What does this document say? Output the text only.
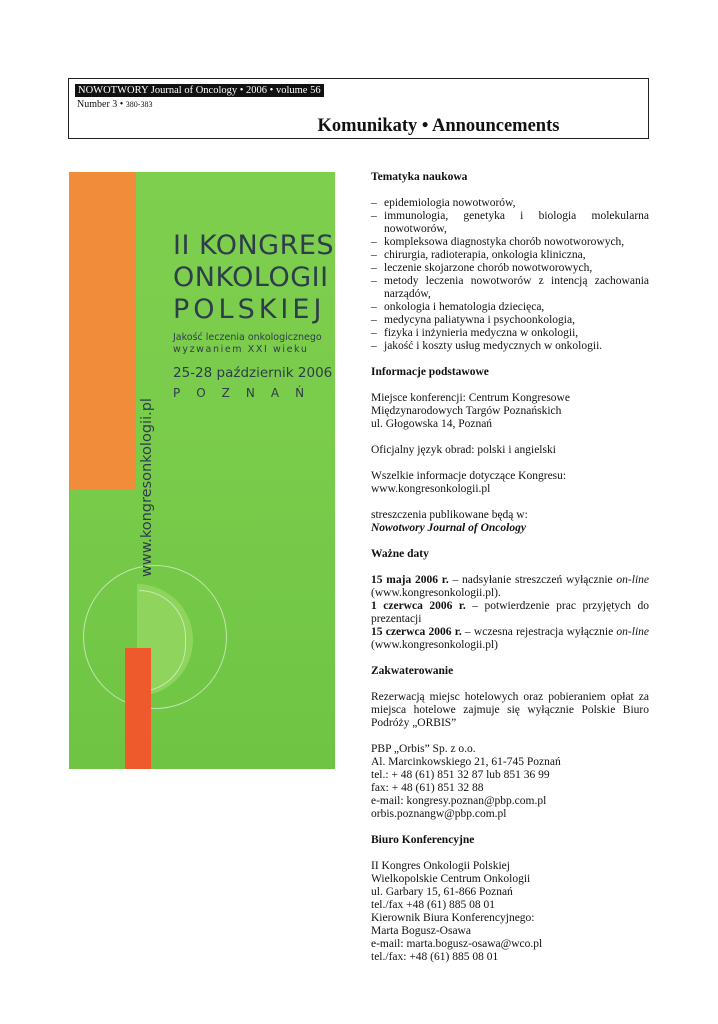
NOWOTWORY Journal of Oncology • 2006 • volume 56
Number 3 • 380-383
Komunikaty • Announcements
II KONGRES
ONKOLOGII
POLSKIEJ
Jakość leczenia onkologicznego
wyzwaniem XXI wieku
25-28 październik 2006
POZNAŃ
www.kongresonkologii.pl
Tematyka naukowa
– epidemiologia nowotworów,
– immunologia, genetyka i biologia molekularna nowotworów,
– kompleksowa diagnostyka chorób nowotworowych,
– chirurgia, radioterapia, onkologia kliniczna,
– leczenie skojarzone chorób nowotworowych,
– metody leczenia nowotworów z intencją zachowania narządów,
– onkologia i hematologia dziecięca,
– medycyna paliatywna i psychoonkologia,
– fizyka i inżynieria medyczna w onkologii,
– jakość i koszty usług medycznych w onkologii.
Informacje podstawowe

Miejsce konferencji: Centrum Kongresowe

Międzynarodowych Targów Poznańskich

ul. Głogowska 14, Poznań

Oficjalny język obrad: polski i angielski

Wszelkie informacje dotyczące Kongresu:

www.kongresonkologii.pl

streszczenia publikowane będą w:

Nowotwory Journal of Oncology

Ważne daty

15 maja 2006 r. – nadsyłanie streszczeń wyłącznie on-line (www.kongresonkologii.pl).

1 czerwca 2006 r. – potwierdzenie prac przyjętych do prezentacji

15 czerwca 2006 r. – wczesna rejestracja wyłącznie on-line (www.kongresonkologii.pl)

Zakwaterowanie

Rezerwacją miejsc hotelowych oraz pobieraniem opłat za miejsca hotelowe zajmuje się wyłącznie Polskie Biuro Podróży „ORBIS”

PBP „Orbis” Sp. z o.o.

Al. Marcinkowskiego 21, 61-745 Poznań

tel.: + 48 (61) 851 32 87 lub 851 36 99

fax: + 48 (61) 851 32 88

e-mail: kongresy.poznan@pbp.com.pl

orbis.poznangw@pbp.com.pl

Biuro Konferencyjne

II Kongres Onkologii Polskiej

Wielkopolskie Centrum Onkologii

ul. Garbary 15, 61-866 Poznań

tel./fax +48 (61) 885 08 01

Kierownik Biura Konferencyjnego:

Marta Bogusz-Osawa

e-mail: marta.bogusz-osawa@wco.pl

tel./fax: +48 (61) 885 08 01
